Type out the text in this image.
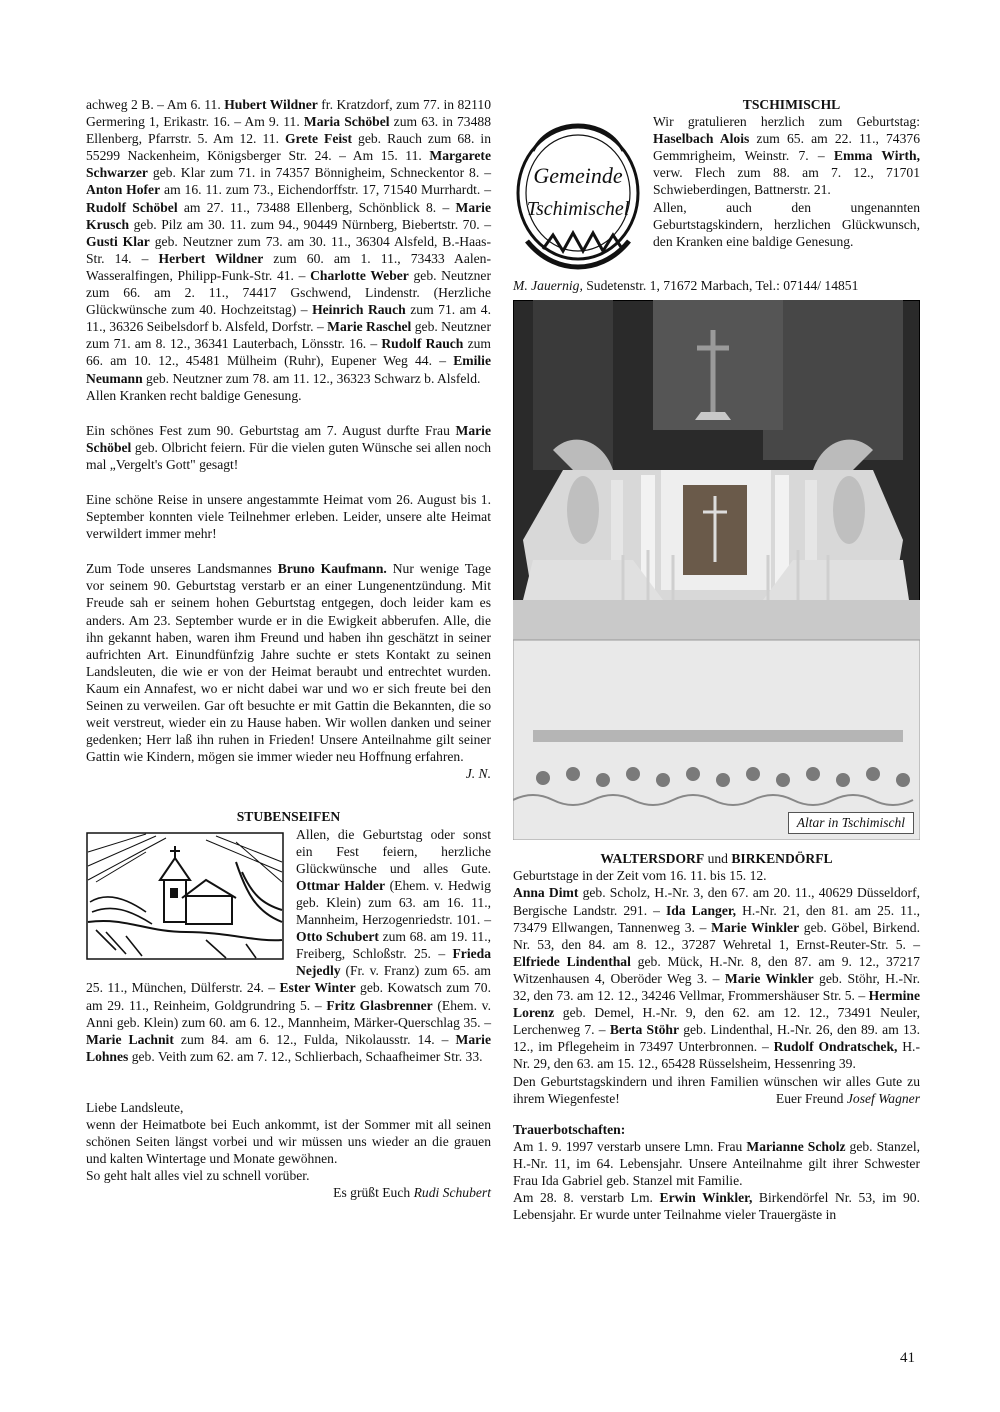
achweg 2 B. – Am 6. 11. Hubert Wildner fr. Kratzdorf, zum 77. in 82110 Germering 1, Erikastr. 16. – Am 9. 11. Maria Schöbel zum 63. in 73488 Ellenberg, Pfarrstr. 5. Am 12. 11. Grete Feist geb. Rauch zum 68. in 55299 Nackenheim, Königsberger Str. 24. – Am 15. 11. Margarete Schwarzer geb. Klar zum 71. in 74357 Bönnigheim, Schneckentor 8. – Anton Hofer am 16. 11. zum 73., Eichendorffstr. 17, 71540 Murrhardt. – Rudolf Schöbel am 27. 11., 73488 Ellenberg, Schönblick 8. – Marie Krusch geb. Pilz am 30. 11. zum 94., 90449 Nürnberg, Biebertstr. 70. – Gusti Klar geb. Neutzner zum 73. am 30. 11., 36304 Alsfeld, B.-Haas-Str. 14. – Herbert Wildner zum 60. am 1. 11., 73433 Aalen-Wasseralfingen, Philipp-Funk-Str. 41. – Charlotte Weber geb. Neutzner zum 66. am 2. 11., 74417 Gschwend, Lindenstr. (Herzliche Glückwünsche zum 40. Hochzeitstag) – Heinrich Rauch zum 71. am 4. 11., 36326 Seibelsdorf b. Alsfeld, Dorfstr. – Marie Raschel geb. Neutzner zum 71. am 8. 12., 36341 Lauterbach, Lönsstr. 16. – Rudolf Rauch zum 66. am 10. 12., 45481 Mülheim (Ruhr), Eupener Weg 44. – Emilie Neumann geb. Neutzner zum 78. am 11. 12., 36323 Schwarz b. Alsfeld.

Allen Kranken recht baldige Genesung.

Ein schönes Fest zum 90. Geburtstag am 7. August durfte Frau Marie Schöbel geb. Olbricht feiern. Für die vielen guten Wünsche sei allen noch mal „Vergelt's Gott" gesagt!

Eine schöne Reise in unsere angestammte Heimat vom 26. August bis 1. September konnten viele Teilnehmer erleben. Leider, unsere alte Heimat verwildert immer mehr!

Zum Tode unseres Landsmannes Bruno Kaufmann. Nur wenige Tage vor seinem 90. Geburtstag verstarb er an einer Lungenentzündung. Mit Freude sah er seinem hohen Geburtstag entgegen, doch leider kam es anders. Am 23. September wurde er in die Ewigkeit abberufen. Alle, die ihn gekannt haben, waren ihm Freund und haben ihn geschätzt in seiner aufrichten Art. Einundfünfzig Jahre suchte er stets Kontakt zu seinen Landsleuten, die wie er von der Heimat beraubt und entrechtet wurden. Kaum ein Annafest, wo er nicht dabei war und wo er sich freute bei den Seinen zu verweilen. Gar oft besuchte er mit Gattin die Bekannten, die so weit verstreut, wieder ein zu Hause haben. Wir wollen danken und seiner gedenken; Herr laß ihn ruhen in Frieden! Unsere Anteilnahme gilt seiner Gattin wie Kindern, mögen sie immer wieder neu Hoffnung erfahren.

J. N.

STUBENSEIFEN

Allen, die Geburtstag oder sonst ein Fest feiern, herzliche Glückwünsche und alles Gute. Ottmar Halder (Ehem. v. Hedwig geb. Klein) zum 63. am 16. 11., Mannheim, Herzogenriedstr. 101. – Otto Schubert zum 68. am 19. 11., Freiberg, Schloßstr. 25. – Frieda Nejedly (Fr. v. Franz) zum 65. am 25. 11., München, Dülferstr. 24. – Ester Winter geb. Kowatsch zum 70. am 29. 11., Reinheim, Goldgrundring 5. – Fritz Glasbrenner (Ehem. v. Anni geb. Klein) zum 60. am 6. 12., Mannheim, Märker-Querschlag 35. – Marie Lachnit zum 84. am 6. 12., Fulda, Nikolausstr. 14. – Marie Lohnes geb. Veith zum 62. am 7. 12., Schlierbach, Schaafheimer Str. 33.

Liebe Landsleute,

wenn der Heimatbote bei Euch ankommt, ist der Sommer mit all seinen schönen Seiten längst vorbei und wir müssen uns wieder an die grauen und kalten Wintertage und Monate gewöhnen.

So geht halt alles viel zu schnell vorüber.

Es grüßt Euch Rudi Schubert

TSCHIMISCHL

Gemeinde
Tschimischel

Wir gratulieren herzlich zum Geburtstag: Haselbach Alois zum 65. am 22. 11., 74376 Gemmrigheim, Weinstr. 7. – Emma Wirth, verw. Flech zum 88. am 7. 12., 71701 Schwieberdingen, Battnerstr. 21.

Allen, auch den ungenannten Geburtstagskindern, herzlichen Glückwunsch, den Kranken eine baldige Genesung.

M. Jauernig, Sudetenstr. 1, 71672 Marbach, Tel.: 07144/ 14851

Altar in Tschimischl

WALTERSDORF und BIRKENDÖRFL

Geburtstage in der Zeit vom 16. 11. bis 15. 12.

Anna Dimt geb. Scholz, H.-Nr. 3, den 67. am 20. 11., 40629 Düsseldorf, Bergische Landstr. 291. – Ida Langer, H.-Nr. 21, den 81. am 25. 11., 73479 Ellwangen, Tannenweg 3. – Marie Winkler geb. Göbel, Birkend. Nr. 53, den 84. am 8. 12., 37287 Wehretal 1, Ernst-Reuter-Str. 5. – Elfriede Lindenthal geb. Mück, H.-Nr. 8, den 87. am 9. 12., 37217 Witzenhausen 4, Oberöder Weg 3. – Marie Winkler geb. Stöhr, H.-Nr. 32, den 73. am 12. 12., 34246 Vellmar, Frommershäuser Str. 5. – Hermine Lorenz geb. Demel, H.-Nr. 9, den 62. am 12. 12., 73491 Neuler, Lerchenweg 7. – Berta Stöhr geb. Lindenthal, H.-Nr. 26, den 89. am 13. 12., im Pflegeheim in 73497 Unterbronnen. – Rudolf Ondratschek, H.-Nr. 29, den 63. am 15. 12., 65428 Rüsselsheim, Hessenring 39.

Den Geburtstagskindern und ihren Familien wünschen wir alles Gute zu ihrem Wiegenfeste!	Euer Freund Josef Wagner

Trauerbotschaften:

Am 1. 9. 1997 verstarb unsere Lmn. Frau Marianne Scholz geb. Stanzel, H.-Nr. 11, im 64. Lebensjahr. Unsere Anteilnahme gilt ihrer Schwester Frau Ida Gabriel geb. Stanzel mit Familie.

Am 28. 8. verstarb Lm. Erwin Winkler, Birkendörfel Nr. 53, im 90. Lebensjahr. Er wurde unter Teilnahme vieler Trauergäste in

41
